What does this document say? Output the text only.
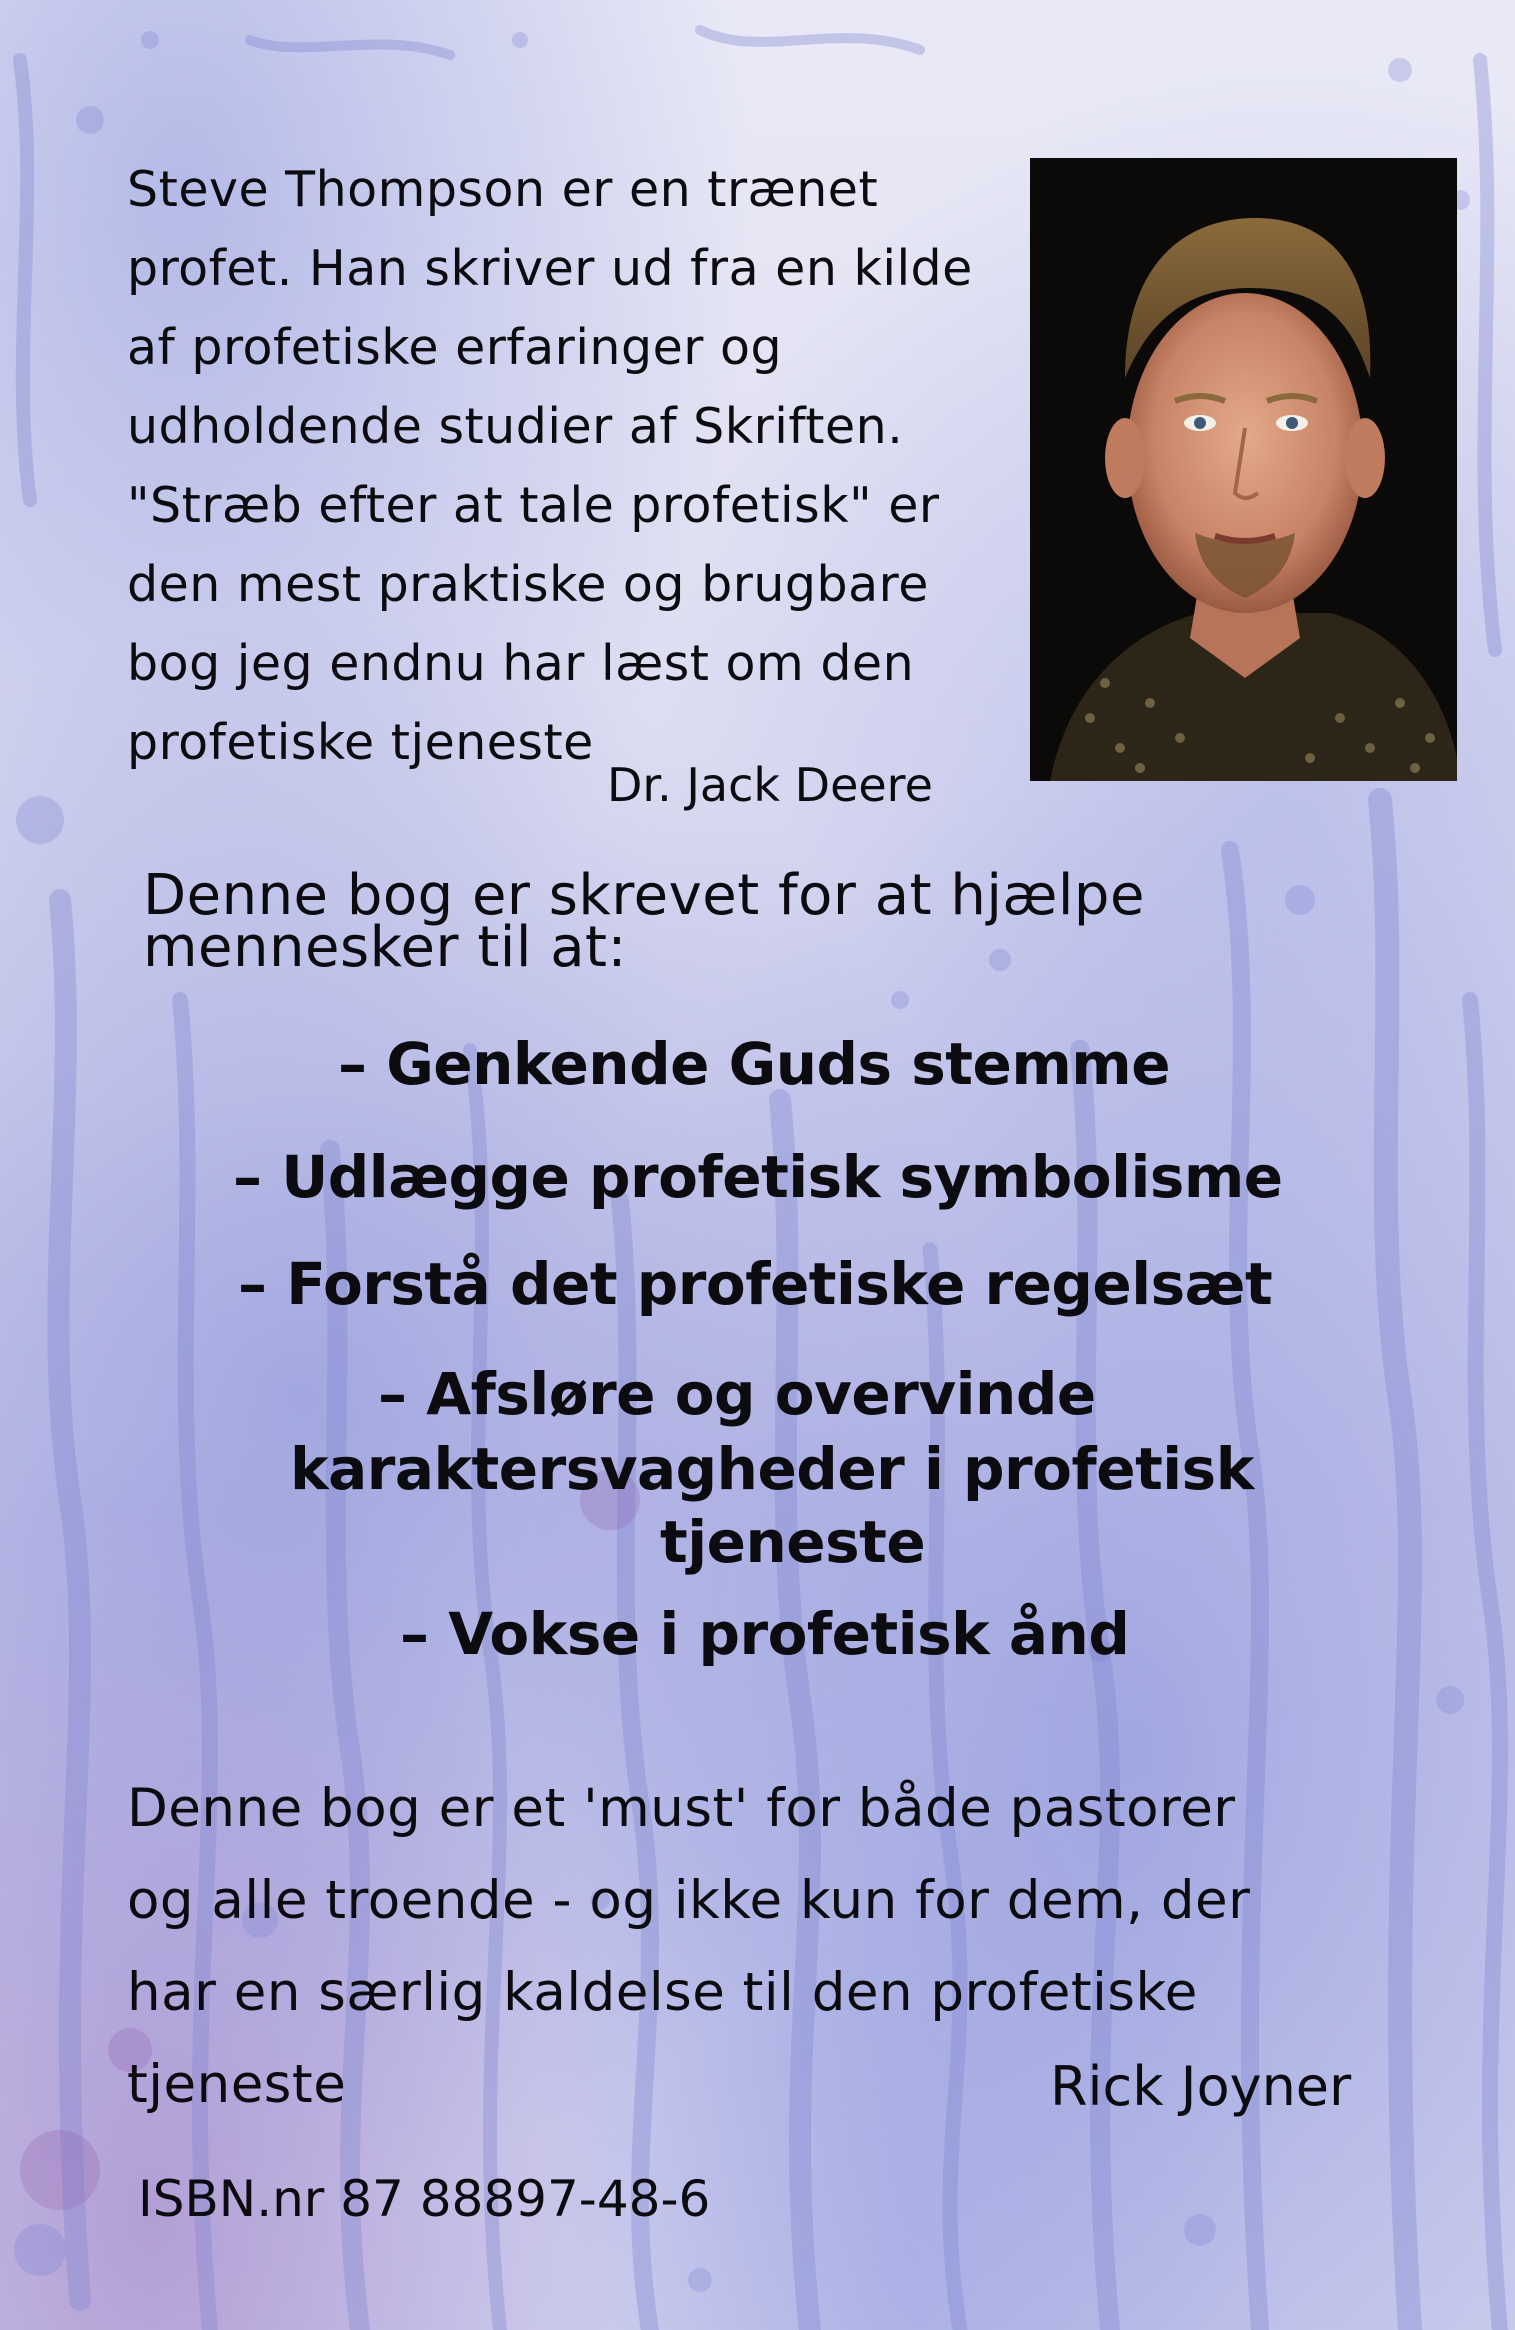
Steve Thompson er en trænet
profet. Han skriver ud fra en kilde
af profetiske erfaringer og
udholdende studier af Skriften.
"Stræb efter at tale profetisk" er
den mest praktiske og brugbare
bog jeg endnu har læst om den
profetiske tjeneste
Dr. Jack Deere
Denne bog er skrevet for at hjælpe
mennesker til at:
– Genkende Guds stemme
– Udlægge profetisk symbolisme
– Forstå det profetiske regelsæt
– Afsløre og overvinde
karaktersvagheder i profetisk
tjeneste
– Vokse i profetisk ånd
Denne bog er et 'must' for både pastorer
og alle troende - og ikke kun for dem, der
har en særlig kaldelse til den profetiske
tjeneste	Rick Joyner
ISBN.nr 87 88897-48-6
